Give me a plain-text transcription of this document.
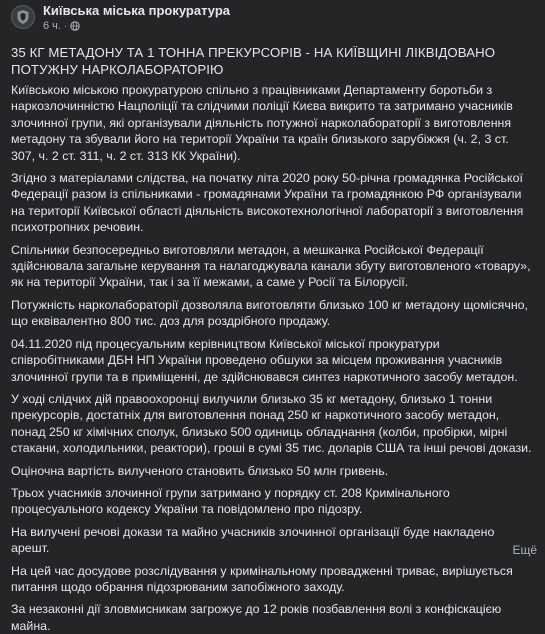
Київська міська прокуратура
6 ч. ·
35 КГ МЕТАДОНУ ТА 1 ТОННА ПРЕКУРСОРІВ - НА КИЇВЩИНІ ЛІКВІДОВАНО ПОТУЖНУ НАРКОЛАБОРАТОРІЮ

Київською міською прокуратурою спільно з працівниками Департаменту боротьби з наркозлочинністю Нацполіції та слідчими поліції Києва викрито та затримано учасників злочинної групи, які організували діяльність потужної нарколабораторії з виготовлення метадону та збували його на території України та країн близького зарубіжжя (ч. 2, 3 ст. 307, ч. 2 ст. 311, ч. 2 ст. 313 КК України).

Згідно з матеріалами слідства, на початку літа 2020 року 50-річна громадянка Російської Федерації разом із спільниками - громадянами України та громадянкою РФ організували на території Київської області діяльність високотехнологічної лабораторії з виготовлення психотропних речовин.

Спільники безпосередньо виготовляли метадон, а мешканка Російської Федерації здійснювала загальне керування та налагоджувала канали збуту виготовленого «товару», як на території України, так і за її межами, а саме у Росії та Білорусії.

Потужність нарколабораторії дозволяла виготовляти близько 100 кг метадону щомісячно, що еквівалентно 800 тис. доз для роздрібного продажу.

04.11.2020 під процесуальним керівництвом Київської міської прокуратури співробітниками ДБН НП України проведено обшуки за місцем проживання учасників злочинної групи та в приміщенні, де здійснювався синтез наркотичного засобу метадон.

У ході слідчих дій правоохоронці вилучили близько 35 кг метадону, близько 1 тонни прекурсорів, достатніх для виготовлення понад 250 кг наркотичного засобу метадон, понад 250 кг хімічних сполук, близько 500 одиниць обладнання (колби, пробірки, мірні стакани, холодильники, реактори), гроші в сумі 35 тис. доларів США та інші речові докази.

Оціночна вартість вилученого становить близько 50 млн гривень.

Трьох учасників злочинної групи затримано у порядку ст. 208 Кримінального процесуального кодексу України та повідомлено про підозру.

На вилучені речові докази та майно учасників злочинної організації буде накладено арешт.

На цей час досудове розслідування у кримінальному провадженні триває, вирішується питання щодо обрання підозрюваним запобіжного заходу.

За незаконні дії зловмисникам загрожує до 12 років позбавлення волі з конфіскацією майна.

Ещё
